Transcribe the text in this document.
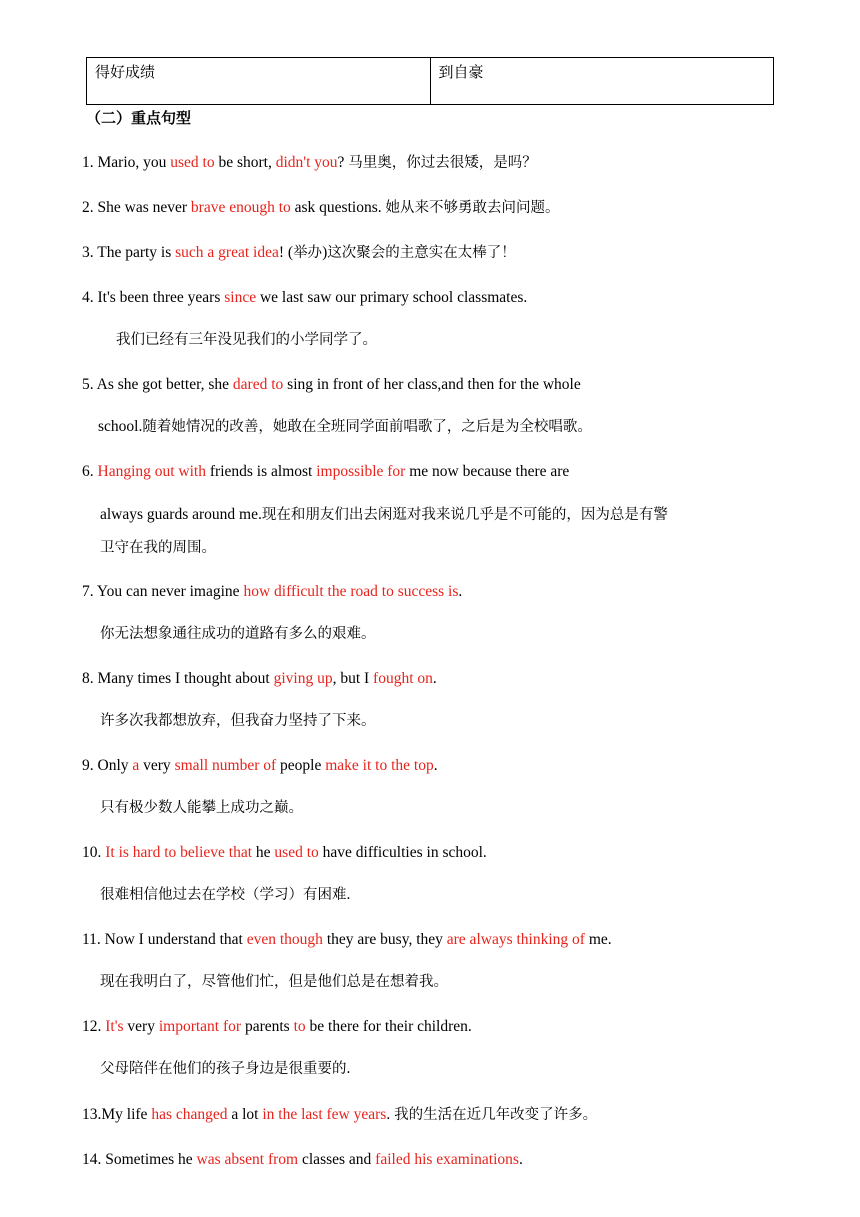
得好成绩	到自豪
（二）重点句型
1. Mario, you used to be short, didn't you? 马里奥，你过去很矮，是吗？
2. She was never brave enough to ask questions. 她从来不够勇敢去问问题。
3. The party is such a great idea! (举办)这次聚会的主意实在太棒了！
4. It's been three years since we last saw our primary school classmates.
我们已经有三年没见我们的小学同学了。
5. As she got better, she dared to sing in front of her class,and then for the whole
school.随着她情况的改善，她敢在全班同学面前唱歌了，之后是为全校唱歌。
6. Hanging out with friends is almost impossible for me now because there are
always guards around me.现在和朋友们出去闲逛对我来说几乎是不可能的，因为总是有警
卫守在我的周围。
7. You can never imagine how difficult the road to success is.
你无法想象通往成功的道路有多么的艰难。
8. Many times I thought about giving up, but I fought on.
许多次我都想放弃，但我奋力坚持了下来。
9. Only a very small number of people make it to the top.
只有极少数人能攀上成功之巅。
10. It is hard to believe that he used to have difficulties in school.
很难相信他过去在学校（学习）有困难.
11. Now I understand that even though they are busy, they are always thinking of me.
现在我明白了，尽管他们忙，但是他们总是在想着我。
12. It's very important for parents to be there for their children.
父母陪伴在他们的孩子身边是很重要的.
13.My life has changed a lot in the last few years. 我的生活在近几年改变了许多。
14. Sometimes he was absent from classes and failed his examinations.
